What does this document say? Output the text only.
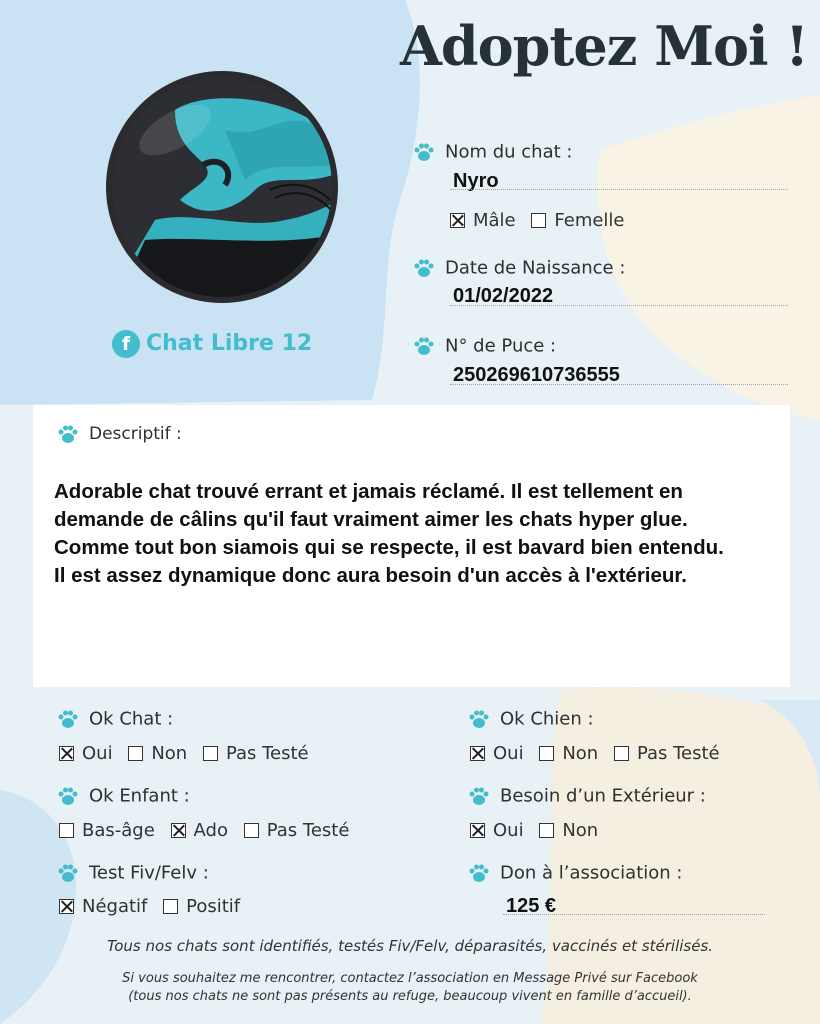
f Chat Libre 12
Adoptez Moi !
Nom du chat :
Nyro
Mâle Femelle
Date de Naissance :
01/02/2022
N° de Puce :
250269610736555
Descriptif :
Adorable chat trouvé errant et jamais réclamé. Il est tellement en demande de câlins qu'il faut vraiment aimer les chats hyper glue.
Comme tout bon siamois qui se respecte, il est bavard bien entendu.
Il est assez dynamique donc aura besoin d'un accès à l'extérieur.
Ok Chat :
Oui Non Pas Testé
Ok Enfant :
Bas-âge Ado Pas Testé
Test Fiv/Felv :
Négatif Positif
Ok Chien :
Oui Non Pas Testé
Besoin d’un Extérieur :
Oui Non
Don à l’association :
125 €
Tous nos chats sont identifiés, testés Fiv/Felv, déparasités, vaccinés et stérilisés.
Si vous souhaitez me rencontrer, contactez l’association en Message Privé sur Facebook
(tous nos chats ne sont pas présents au refuge, beaucoup vivent en famille d’accueil).
